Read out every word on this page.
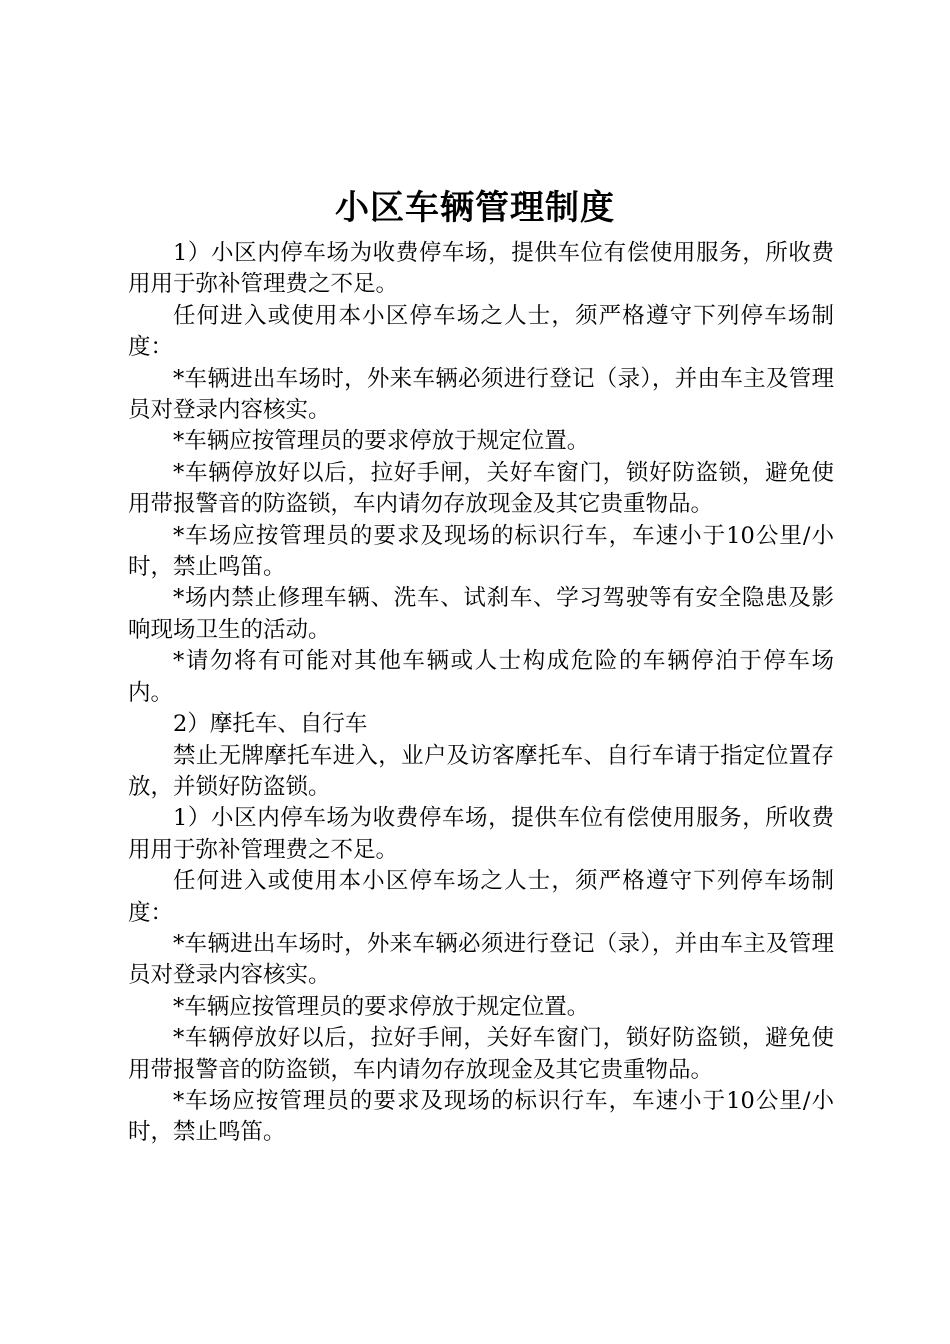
小区车辆管理制度

1）小区内停车场为收费停车场，提供车位有偿使用服务，所收费用用于弥补管理费之不足。

任何进入或使用本小区停车场之人士，须严格遵守下列停车场制度：

*车辆进出车场时，外来车辆必须进行登记（录），并由车主及管理员对登录内容核实。

*车辆应按管理员的要求停放于规定位置。

*车辆停放好以后，拉好手闸，关好车窗门，锁好防盗锁，避免使用带报警音的防盗锁，车内请勿存放现金及其它贵重物品。

*车场应按管理员的要求及现场的标识行车，车速小于10公里/小时，禁止鸣笛。

*场内禁止修理车辆、洗车、试刹车、学习驾驶等有安全隐患及影响现场卫生的活动。

*请勿将有可能对其他车辆或人士构成危险的车辆停泊于停车场内。

2）摩托车、自行车

禁止无牌摩托车进入，业户及访客摩托车、自行车请于指定位置存放，并锁好防盗锁。

1）小区内停车场为收费停车场，提供车位有偿使用服务，所收费用用于弥补管理费之不足。

任何进入或使用本小区停车场之人士，须严格遵守下列停车场制度：

*车辆进出车场时，外来车辆必须进行登记（录），并由车主及管理员对登录内容核实。

*车辆应按管理员的要求停放于规定位置。

*车辆停放好以后，拉好手闸，关好车窗门，锁好防盗锁，避免使用带报警音的防盗锁，车内请勿存放现金及其它贵重物品。

*车场应按管理员的要求及现场的标识行车，车速小于10公里/小时，禁止鸣笛。
